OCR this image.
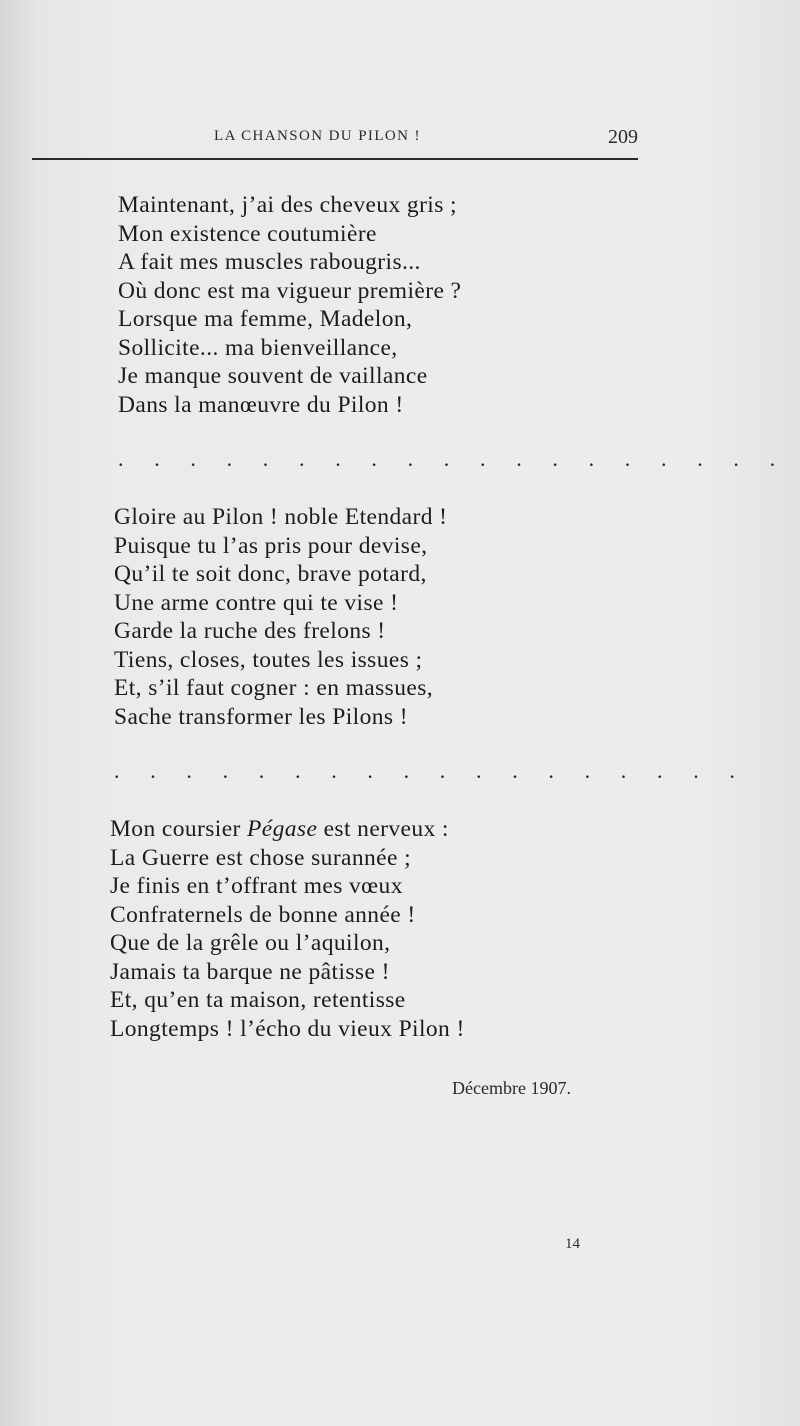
LA CHANSON DU PILON !	209
Maintenant, j’ai des cheveux gris ;
Mon existence coutumière
A fait mes muscles rabougris...
Où donc est ma vigueur première ?
Lorsque ma femme, Madelon,
Sollicite... ma bienveillance,
Je manque souvent de vaillance
Dans la manœuvre du Pilon !
. . . . . . . . . . . . . . . . . . .
Gloire au Pilon ! noble Etendard !
Puisque tu l’as pris pour devise,
Qu’il te soit donc, brave potard,
Une arme contre qui te vise !
Garde la ruche des frelons !
Tiens, closes, toutes les issues ;
Et, s’il faut cogner : en massues,
Sache transformer les Pilons !
. . . . . . . . . . . . . . . . . .
Mon coursier Pégase est nerveux :
La Guerre est chose surannée ;
Je finis en t’offrant mes vœux
Confraternels de bonne année !
Que de la grêle ou l’aquilon,
Jamais ta barque ne pâtisse !
Et, qu’en ta maison, retentisse
Longtemps ! l’écho du vieux Pilon !
Décembre 1907.
14
